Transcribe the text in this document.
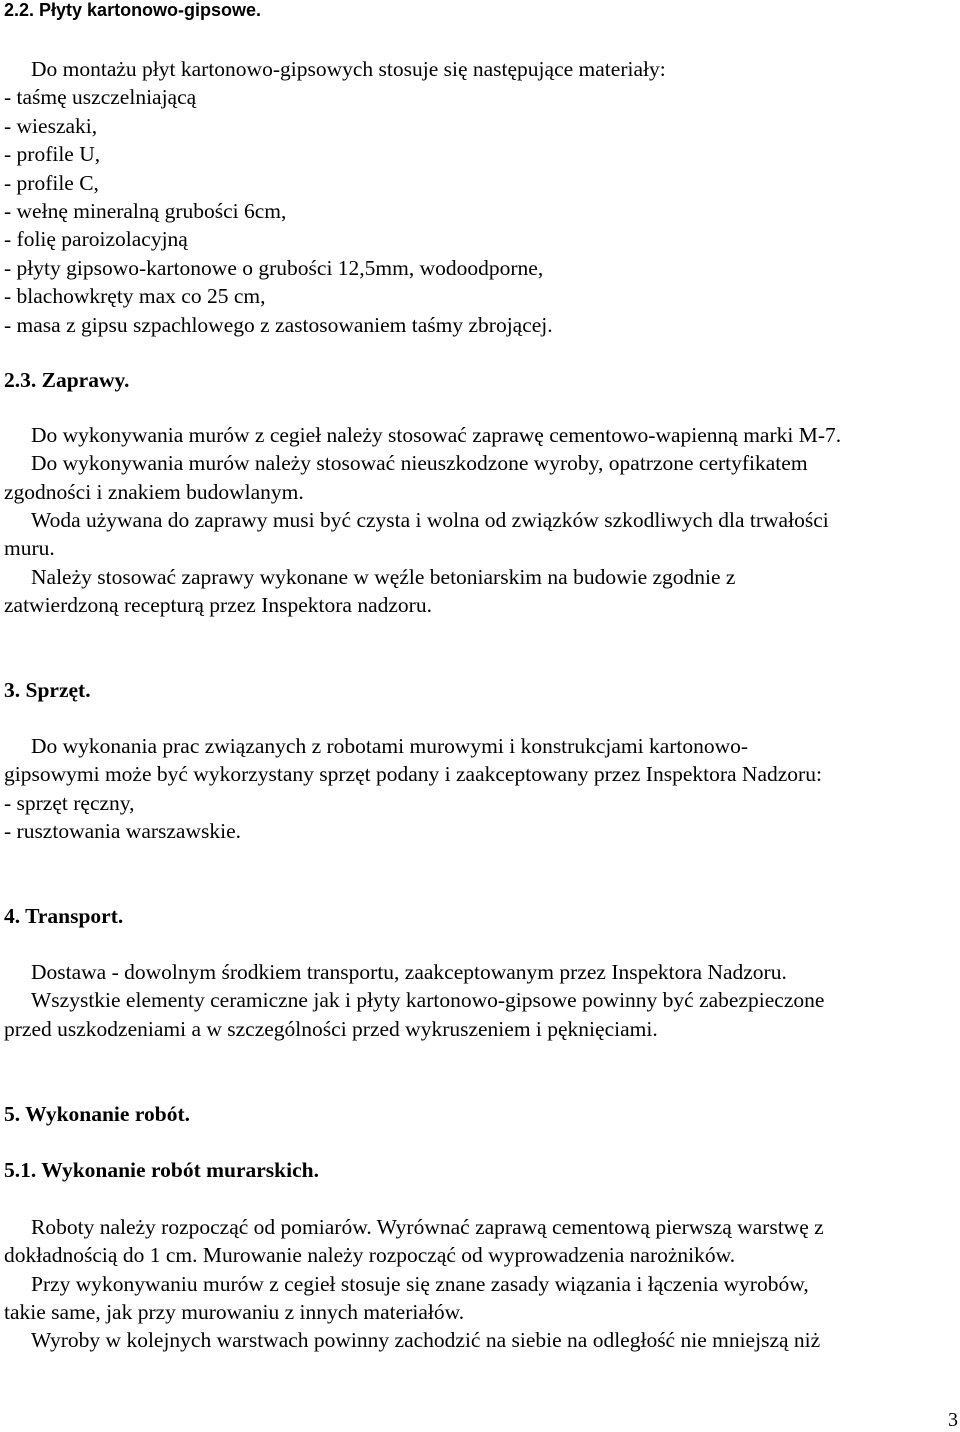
2.2. Płyty kartonowo-gipsowe.
Do montażu płyt kartonowo-gipsowych stosuje się następujące materiały:
- taśmę uszczelniającą
- wieszaki,
- profile U,
- profile C,
- wełnę mineralną grubości 6cm,
- folię paroizolacyjną
- płyty gipsowo-kartonowe o grubości 12,5mm, wodoodporne,
- blachowkręty max co 25 cm,
- masa z gipsu szpachlowego z zastosowaniem taśmy zbrojącej.
2.3. Zaprawy.
Do wykonywania murów z cegieł należy stosować zaprawę cementowo-wapienną marki M-7.
Do wykonywania murów należy stosować nieuszkodzone wyroby, opatrzone certyfikatem
zgodności i znakiem budowlanym.
Woda używana do zaprawy musi być czysta i wolna od związków szkodliwych dla trwałości
muru.
Należy stosować zaprawy wykonane w węźle betoniarskim na budowie zgodnie z
zatwierdzoną recepturą przez Inspektora nadzoru.
3. Sprzęt.
Do wykonania prac związanych z robotami murowymi i konstrukcjami kartonowo-
gipsowymi może być wykorzystany sprzęt podany i zaakceptowany przez Inspektora Nadzoru:
- sprzęt ręczny,
- rusztowania warszawskie.
4. Transport.
Dostawa - dowolnym środkiem transportu, zaakceptowanym przez Inspektora Nadzoru.
Wszystkie elementy ceramiczne jak i płyty kartonowo-gipsowe powinny być zabezpieczone
przed uszkodzeniami a w szczególności przed wykruszeniem i pęknięciami.
5. Wykonanie robót.
5.1. Wykonanie robót murarskich.
Roboty należy rozpocząć od pomiarów. Wyrównać zaprawą cementową pierwszą warstwę z
dokładnością do 1 cm. Murowanie należy rozpocząć od wyprowadzenia narożników.
Przy wykonywaniu murów z cegieł stosuje się znane zasady wiązania i łączenia wyrobów,
takie same, jak przy murowaniu z innych materiałów.
Wyroby w kolejnych warstwach powinny zachodzić na siebie na odległość nie mniejszą niż
3
